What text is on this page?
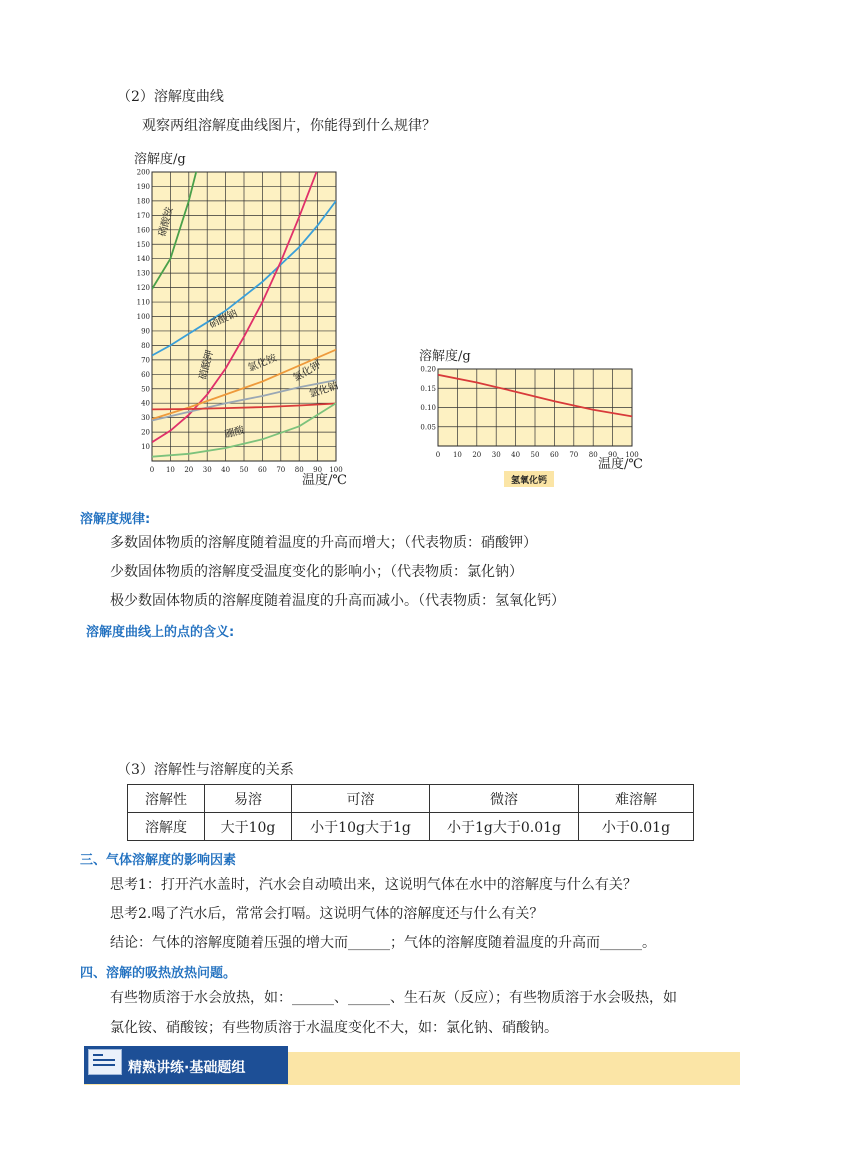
（2）溶解度曲线
观察两组溶解度曲线图片，你能得到什么规律？
0 10 20 30 40 50 60 70 80 90 100
10
20
30
40
50
60
70
80
90
100
110
120
130
140
150
160
170
180
190
200
溶解度/g
温度/℃
硝酸铵
硝酸钠
硝酸钾	氯化铵 氯化钾
氯化钠
硼酸
0 10 20 30 40 50 60 70 80 90 100
0.05
0.10
0.15
0.20
溶解度/g
温度/℃
氢氧化钙
溶解度规律:
多数固体物质的溶解度随着温度的升高而增大；（代表物质：硝酸钾）
少数固体物质的溶解度受温度变化的影响小；（代表物质：氯化钠）
极少数固体物质的溶解度随着温度的升高而减小。（代表物质：氢氧化钙）
溶解度曲线上的点的含义:
（3）溶解性与溶解度的关系
溶解性	易溶	可溶	微溶	难溶解
溶解度	大于10g	小于10g大于1g	小于1g大于0.01g	小于0.01g
三、气体溶解度的影响因素
思考1：打开汽水盖时，汽水会自动喷出来，这说明气体在水中的溶解度与什么有关？
思考2.喝了汽水后，常常会打嗝。这说明气体的溶解度还与什么有关？
结论：气体的溶解度随着压强的增大而______；气体的溶解度随着温度的升高而______。
四、溶解的吸热放热问题。
有些物质溶于水会放热，如：______、______、生石灰（反应）；有些物质溶于水会吸热，如
氯化铵、硝酸铵；有些物质溶于水温度变化不大，如：氯化钠、硝酸钠。
精熟讲练·基础题组
